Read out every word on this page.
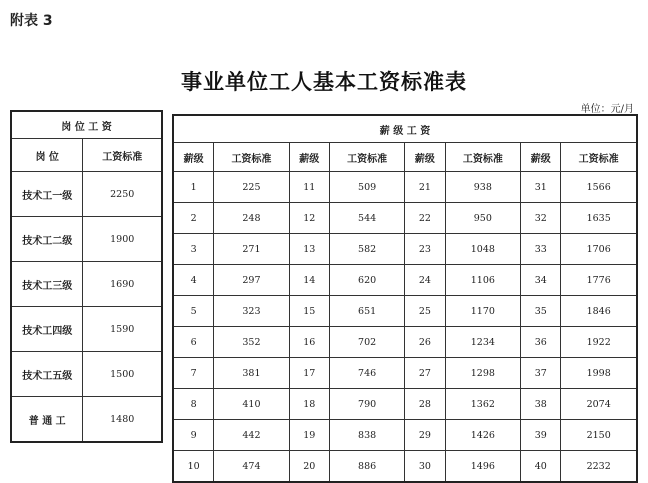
附表 3
事业单位工人基本工资标准表
单位：元/月
岗 位 工 资	
岗 位	工资标准
技术工一级	2250
技术工二级	1900
技术工三级	1690
技术工四级	1590
技术工五级	1500
普 通 工	1480
薪 级 工 资							
薪级	工资标准	薪级	工资标准	薪级	工资标准	薪级	工资标准
1	225	11	509	21	938	31	1566
2	248	12	544	22	950	32	1635
3	271	13	582	23	1048	33	1706
4	297	14	620	24	1106	34	1776
5	323	15	651	25	1170	35	1846
6	352	16	702	26	1234	36	1922
7	381	17	746	27	1298	37	1998
8	410	18	790	28	1362	38	2074
9	442	19	838	29	1426	39	2150
10	474	20	886	30	1496	40	2232
